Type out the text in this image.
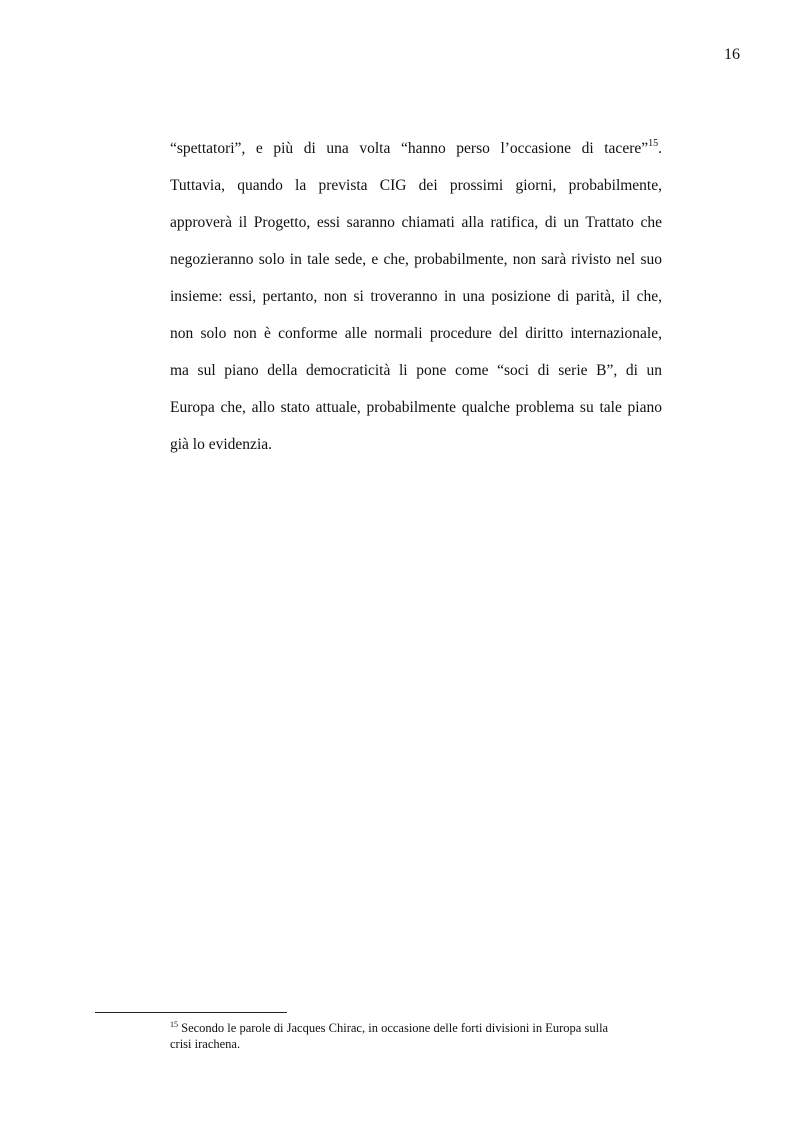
16
“spettatori”, e più di una volta “hanno perso l’occasione di tacere”$^{15}$.
Tuttavia, quando la prevista CIG dei prossimi giorni, probabilmente,
approverà il Progetto, essi saranno chiamati alla ratifica, di un Trattato che
negozieranno solo in tale sede, e che, probabilmente, non sarà rivisto nel suo
insieme: essi, pertanto, non si troveranno in una posizione di parità, il che,
non solo non è conforme alle normali procedure del diritto internazionale,
ma sul piano della democraticità li pone come “soci di serie B”, di un
Europa che, allo stato attuale, probabilmente qualche problema su tale piano
già lo evidenzia.
$^{15}$ Secondo le parole di Jacques Chirac, in occasione delle forti divisioni in Europa sulla
crisi irachena.
